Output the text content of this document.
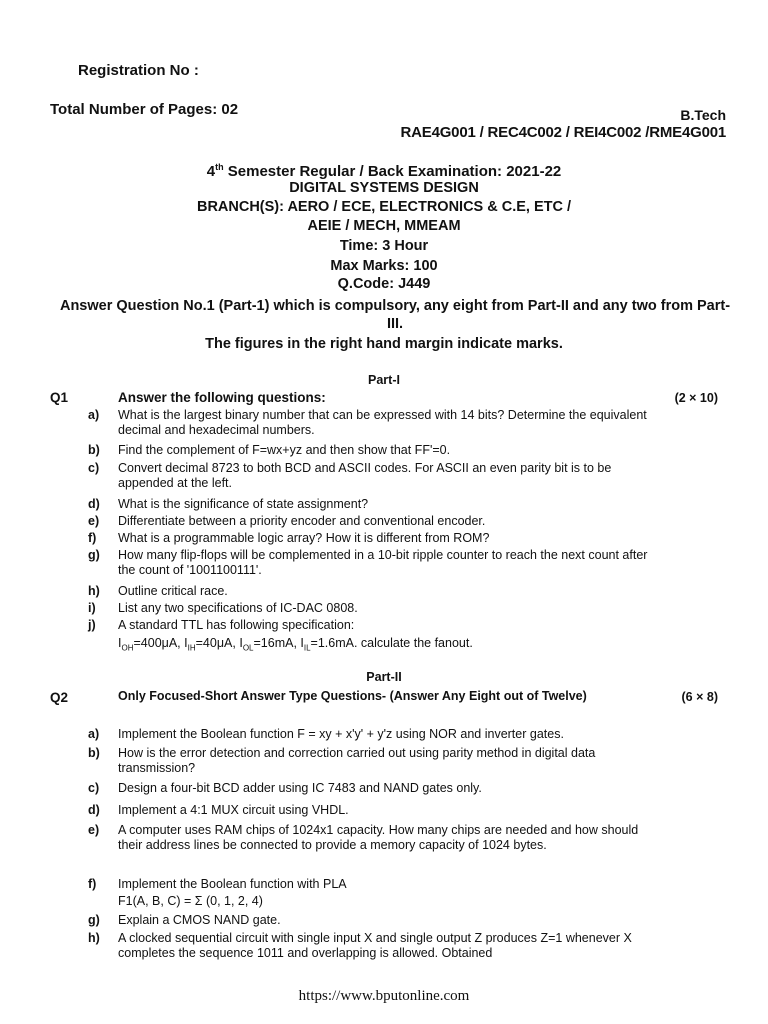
Registration No :
Total Number of Pages: 02	B.Tech
RAE4G001 / REC4C002 / REI4C002 /RME4G001
4th Semester Regular / Back Examination: 2021-22
DIGITAL SYSTEMS DESIGN
BRANCH(S): AERO / ECE, ELECTRONICS & C.E, ETC /
AEIE / MECH, MMEAM
Time: 3 Hour
Max Marks: 100
Q.Code: J449
Answer Question No.1 (Part-1) which is compulsory, any eight from Part-II and any two from Part-III.
The figures in the right hand margin indicate marks.
Part-I
Q1	Answer the following questions:	(2 × 10)
a)	What is the largest binary number that can be expressed with 14 bits? Determine the equivalent decimal and hexadecimal numbers.
b)	Find the complement of F=wx+yz and then show that FF'=0.
c)	Convert decimal 8723 to both BCD and ASCII codes. For ASCII an even parity bit is to be appended at the left.
d)	What is the significance of state assignment?
e)	Differentiate between a priority encoder and conventional encoder.
f)	What is a programmable logic array? How it is different from ROM?
g)	How many flip-flops will be complemented in a 10-bit ripple counter to reach the next count after the count of '1001100111'.
h)	Outline critical race.
i)	List any two specifications of IC-DAC 0808.
j)	A standard TTL has following specification:
$I_{OH}=400\mu A$, $I_{IH}=40\mu A$, $I_{OL}=16mA$, $I_{IL}=1.6mA$. calculate the fanout.
Part-II
Q2	Only Focused-Short Answer Type Questions- (Answer Any Eight out of Twelve)	(6 × 8)
a)	Implement the Boolean function F = xy + x'y' + y'z using NOR and inverter gates.
b)	How is the error detection and correction carried out using parity method in digital data transmission?
c)	Design a four-bit BCD adder using IC 7483 and NAND gates only.
d)	Implement a 4:1 MUX circuit using VHDL.
e)	A computer uses RAM chips of 1024x1 capacity. How many chips are needed and how should their address lines be connected to provide a memory capacity of 1024 bytes.
f)	Implement the Boolean function with PLA
F1(A, B, C) = Σ (0, 1, 2, 4)
g)	Explain a CMOS NAND gate.
h)	A clocked sequential circuit with single input X and single output Z produces Z=1 whenever X completes the sequence 1011 and overlapping is allowed. Obtained
https://www.bputonline.com
